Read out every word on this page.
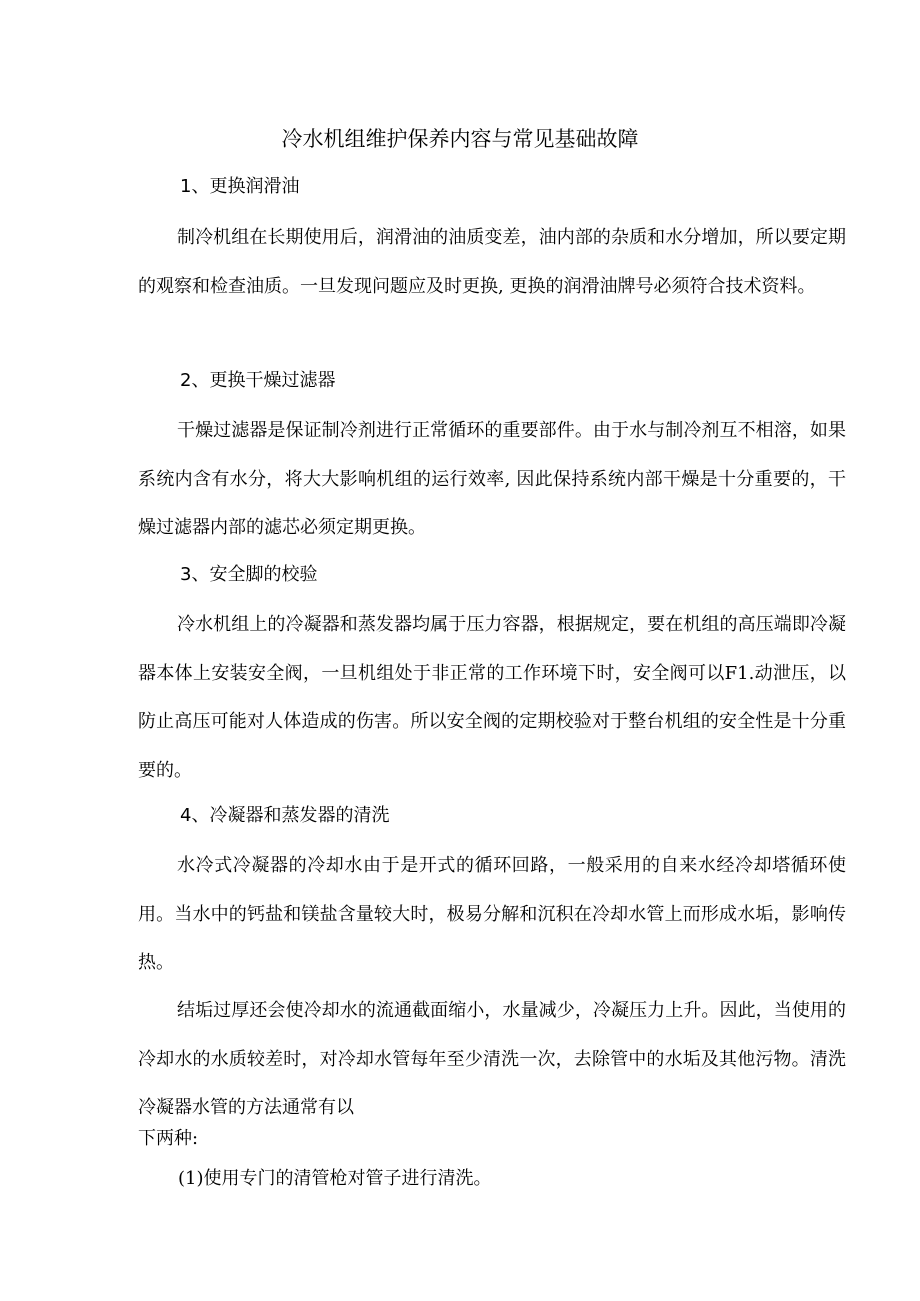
冷水机组维护保养内容与常见基础故障
1、更换润滑油

制冷机组在长期使用后，润滑油的油质变差，油内部的杂质和水分增加，所以要定期的观察和检查油质。一旦发现问题应及时更换, 更换的润滑油牌号必须符合技术资料。

2、更换干燥过滤器

干燥过滤器是保证制冷剂进行正常循环的重要部件。由于水与制冷剂互不相溶，如果系统内含有水分，将大大影响机组的运行效率, 因此保持系统内部干燥是十分重要的，干燥过滤器内部的滤芯必须定期更换。

3、安全脚的校验

冷水机组上的冷凝器和蒸发器均属于压力容器，根据规定，要在机组的高压端即冷凝器本体上安装安全阀，一旦机组处于非正常的工作环境下时，安全阀可以F1.动泄压，以防止高压可能对人体造成的伤害。所以安全阀的定期校验对于整台机组的安全性是十分重要的。

4、冷凝器和蒸发器的清洗

水冷式冷凝器的冷却水由于是开式的循环回路，一般采用的自来水经冷却塔循环使用。当水中的钙盐和镁盐含量较大时，极易分解和沉积在冷却水管上而形成水垢，影响传热。

结垢过厚还会使冷却水的流通截面缩小，水量减少，冷凝压力上升。因此，当使用的冷却水的水质较差时，对冷却水管每年至少清洗一次，去除管中的水垢及其他污物。清洗冷凝器水管的方法通常有以

下两种:

(1)使用专门的清管枪对管子进行清洗。
